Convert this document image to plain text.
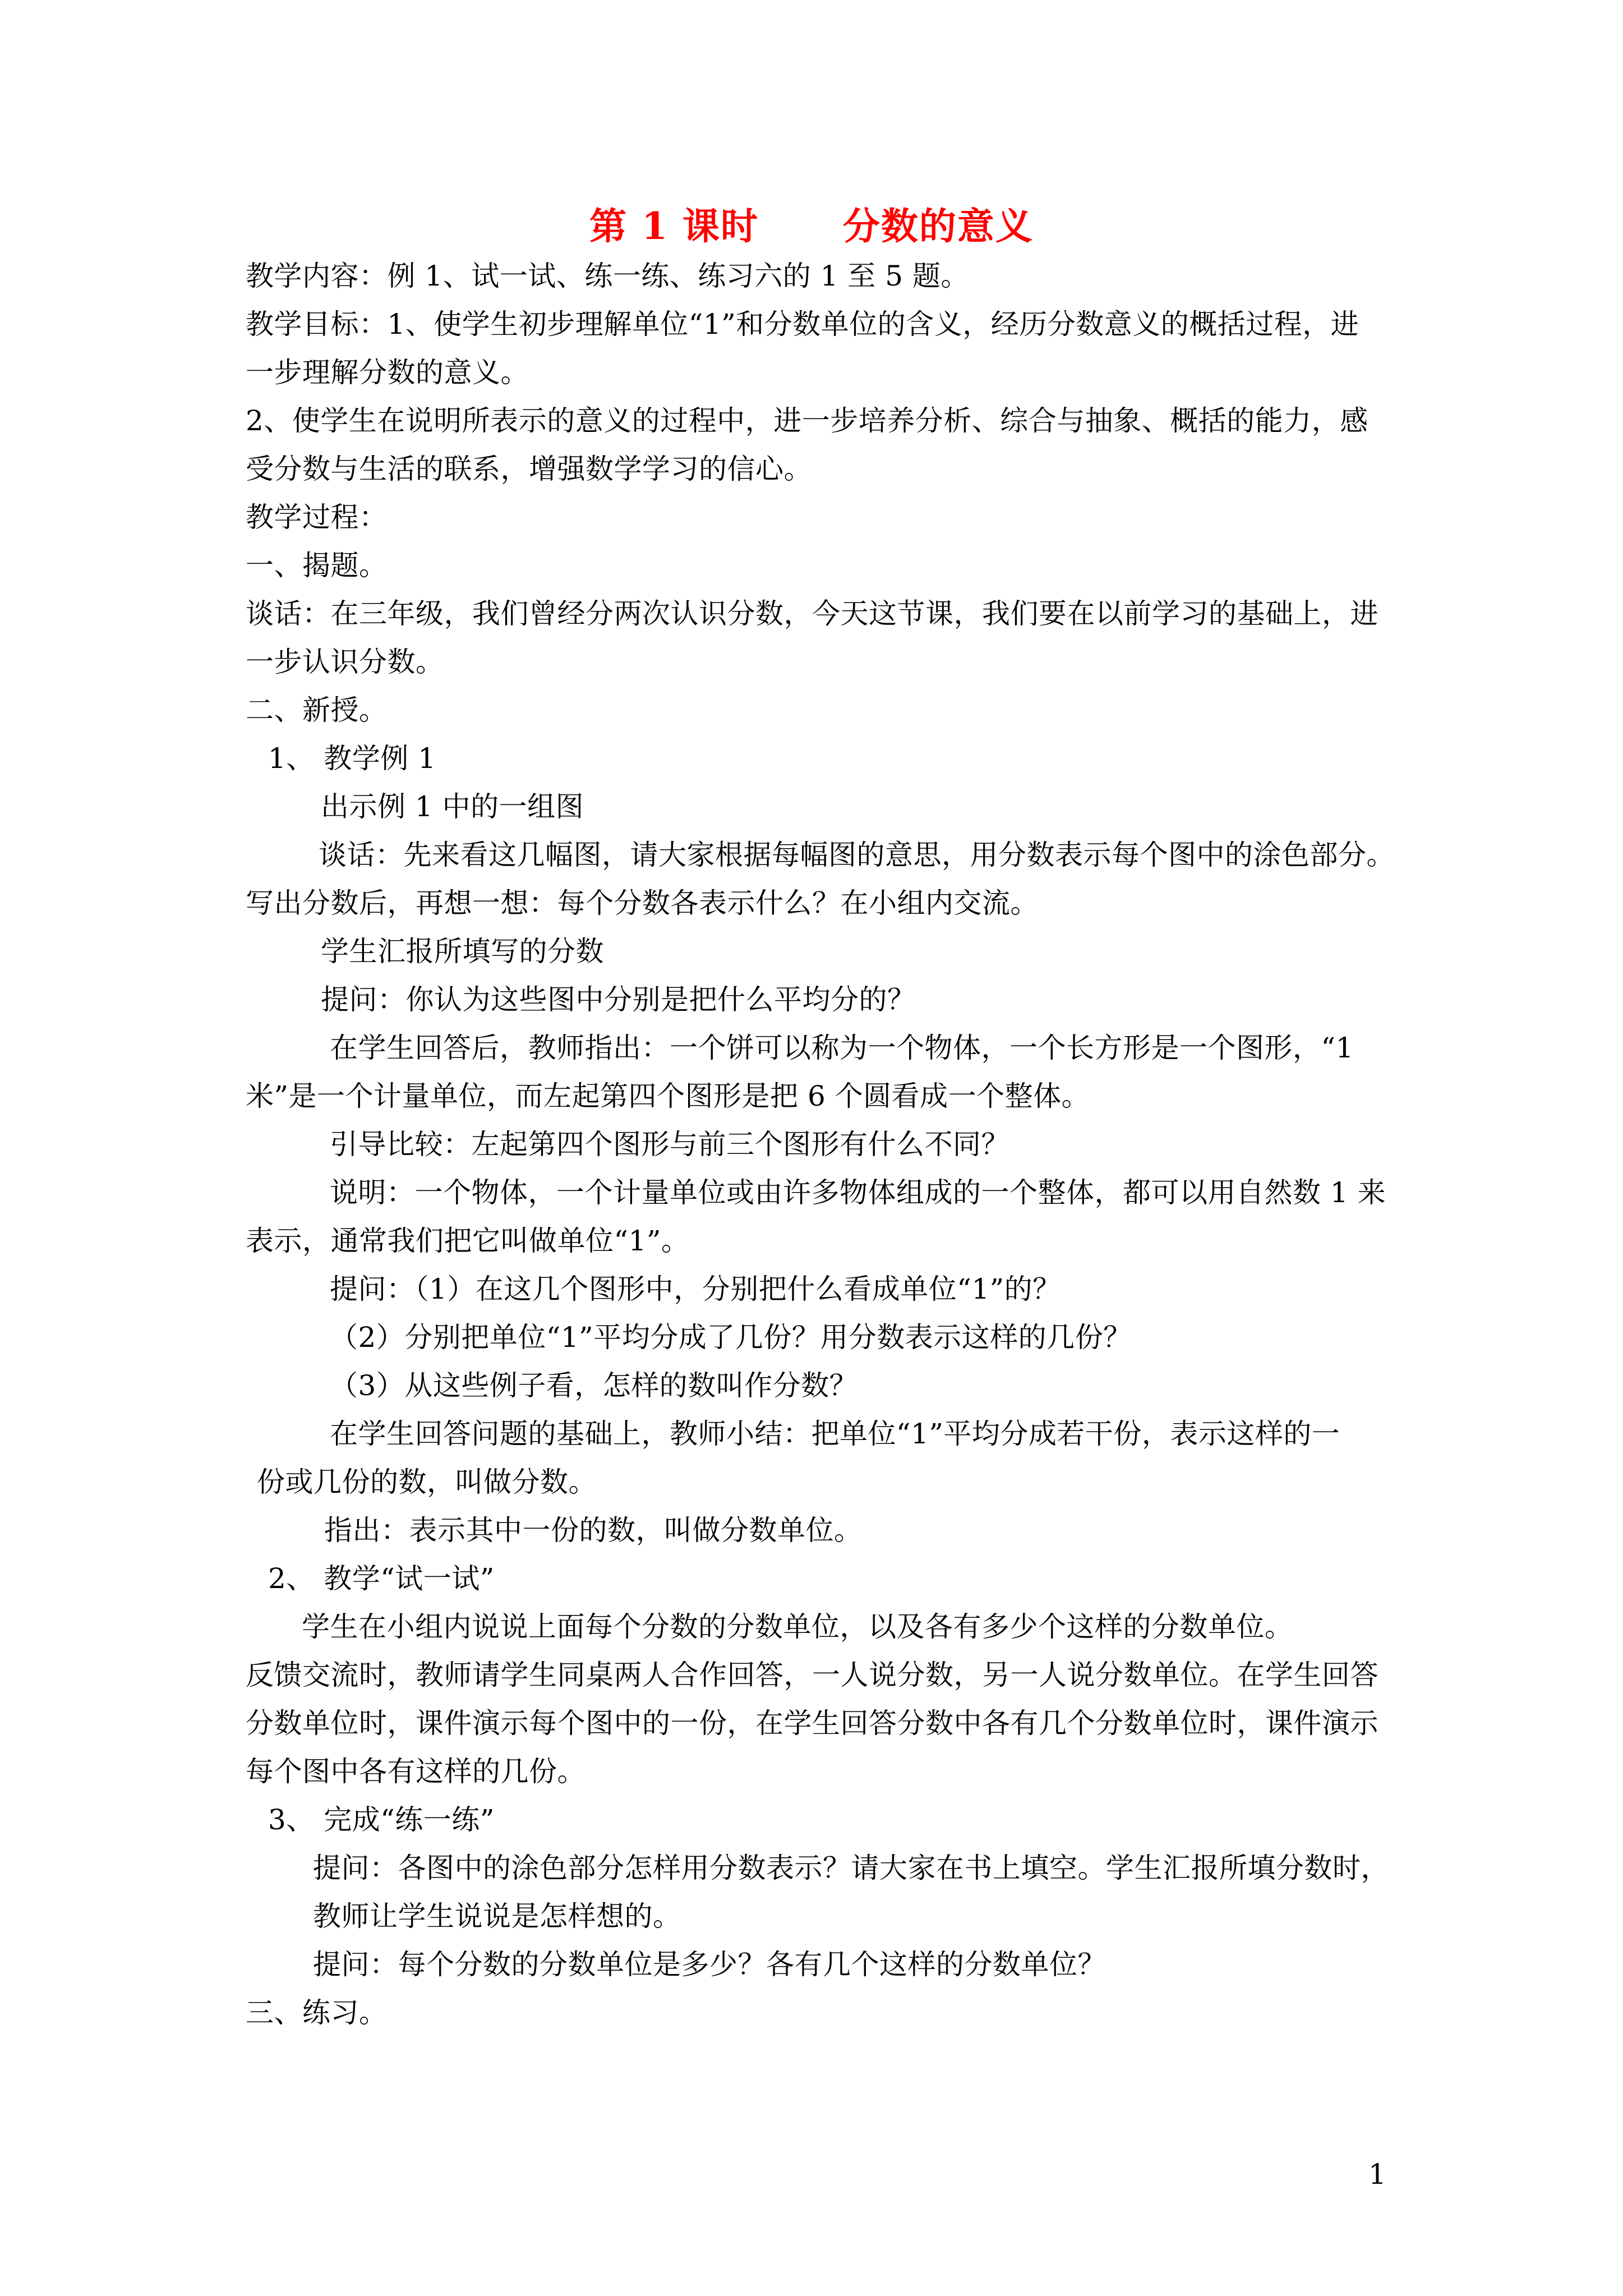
第 1 课时      分数的意义
教学内容：例 1、试一试、练一练、练习六的 1 至 5 题。
教学目标：1、使学生初步理解单位“1”和分数单位的含义，经历分数意义的概括过程，进
一步理解分数的意义。
2、使学生在说明所表示的意义的过程中，进一步培养分析、综合与抽象、概括的能力，感
受分数与生活的联系，增强数学学习的信心。
教学过程：
一、揭题。
谈话：在三年级，我们曾经分两次认识分数，今天这节课，我们要在以前学习的基础上，进
一步认识分数。
二、新授。
1、 教学例 1
出示例 1 中的一组图
谈话：先来看这几幅图，请大家根据每幅图的意思，用分数表示每个图中的涂色部分。
写出分数后，再想一想：每个分数各表示什么？在小组内交流。
学生汇报所填写的分数
提问：你认为这些图中分别是把什么平均分的？
在学生回答后，教师指出：一个饼可以称为一个物体，一个长方形是一个图形，“1
米”是一个计量单位，而左起第四个图形是把 6 个圆看成一个整体。
引导比较：左起第四个图形与前三个图形有什么不同？
说明：一个物体，一个计量单位或由许多物体组成的一个整体，都可以用自然数 1 来
表示，通常我们把它叫做单位“1”。
提问：（1）在这几个图形中，分别把什么看成单位“1”的？
（2）分别把单位“1”平均分成了几份？用分数表示这样的几份？
（3）从这些例子看，怎样的数叫作分数？
在学生回答问题的基础上，教师小结：把单位“1”平均分成若干份，表示这样的一
份或几份的数，叫做分数。
指出：表示其中一份的数，叫做分数单位。
2、 教学“试一试”
学生在小组内说说上面每个分数的分数单位，以及各有多少个这样的分数单位。
反馈交流时，教师请学生同桌两人合作回答，一人说分数，另一人说分数单位。在学生回答
分数单位时，课件演示每个图中的一份，在学生回答分数中各有几个分数单位时，课件演示
每个图中各有这样的几份。
3、 完成“练一练”
提问：各图中的涂色部分怎样用分数表示？请大家在书上填空。学生汇报所填分数时，
教师让学生说说是怎样想的。
提问：每个分数的分数单位是多少？各有几个这样的分数单位？
三、练习。
1
